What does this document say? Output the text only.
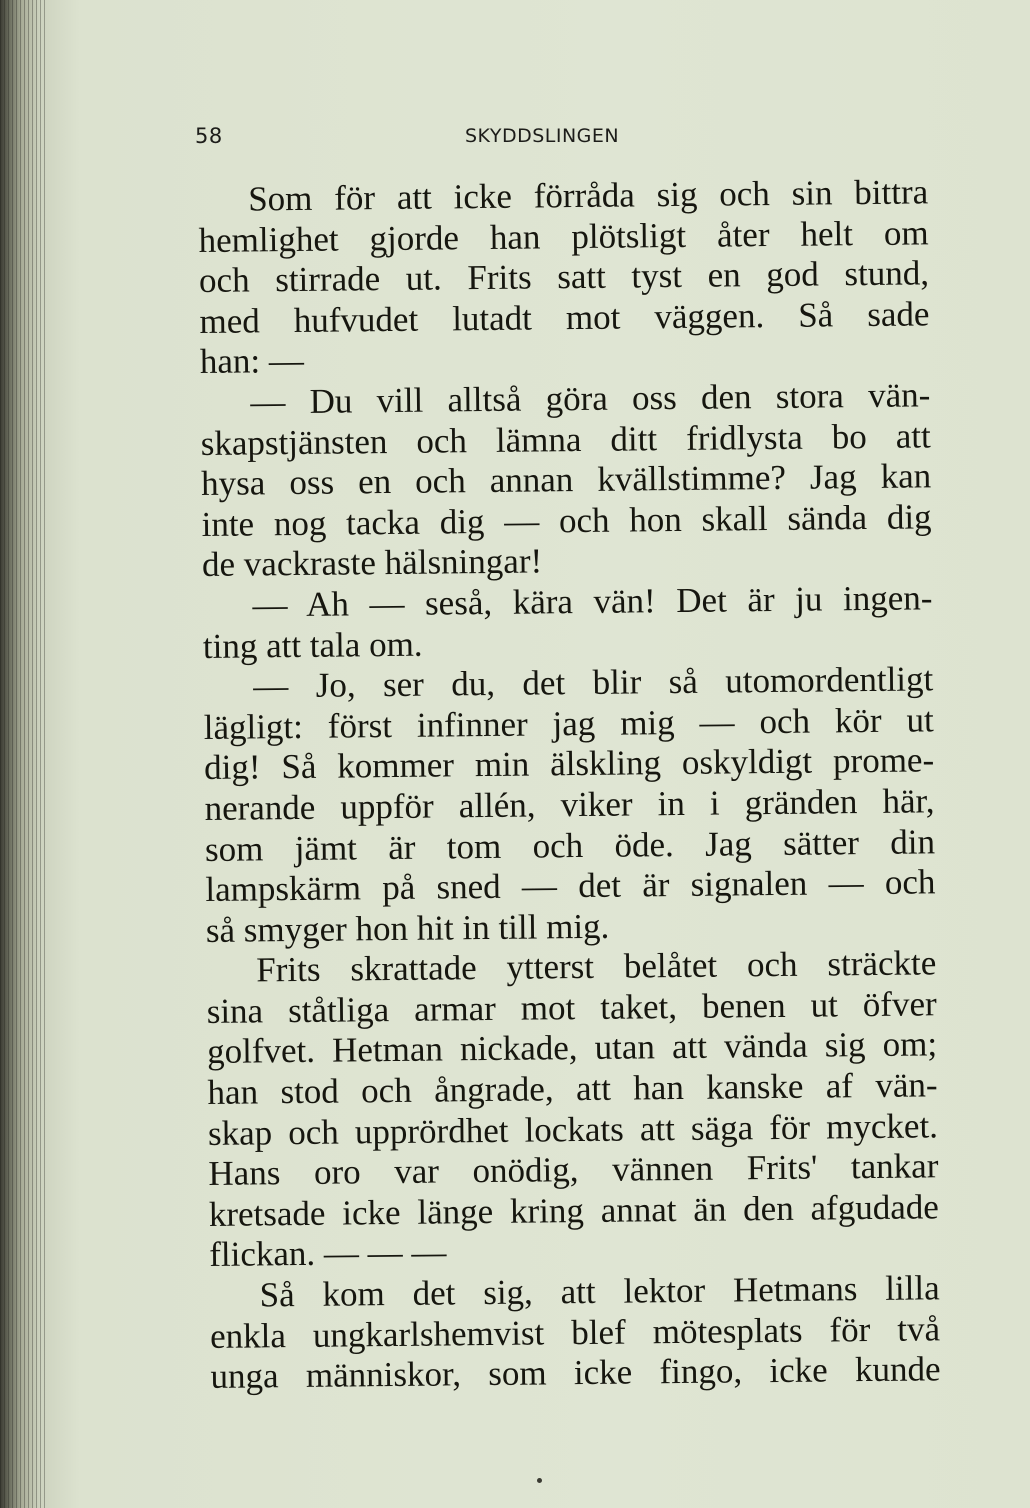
58	SKYDDSLINGEN
Som för att icke förråda sig och sin bittra
hemlighet gjorde han plötsligt åter helt om
och stirrade ut. Frits satt tyst en god stund,
med hufvudet lutadt mot väggen. Så sade
han: —
— Du vill alltså göra oss den stora vän-
skapstjänsten och lämna ditt fridlysta bo att
hysa oss en och annan kvällstimme? Jag kan
inte nog tacka dig — och hon skall sända dig
de vackraste hälsningar!
— Ah — seså, kära vän! Det är ju ingen-
ting att tala om.
— Jo, ser du, det blir så utomordentligt
lägligt: först infinner jag mig — och kör ut
dig! Så kommer min älskling oskyldigt prome-
nerande uppför allén, viker in i gränden här,
som jämt är tom och öde. Jag sätter din
lampskärm på sned — det är signalen — och
så smyger hon hit in till mig.
Frits skrattade ytterst belåtet och sträckte
sina ståtliga armar mot taket, benen ut öfver
golfvet. Hetman nickade, utan att vända sig om;
han stod och ångrade, att han kanske af vän-
skap och upprördhet lockats att säga för mycket.
Hans oro var onödig, vännen Frits' tankar
kretsade icke länge kring annat än den afgudade
flickan. — — —
Så kom det sig, att lektor Hetmans lilla
enkla ungkarlshemvist blef mötesplats för två
unga människor, som icke fingo, icke kunde
